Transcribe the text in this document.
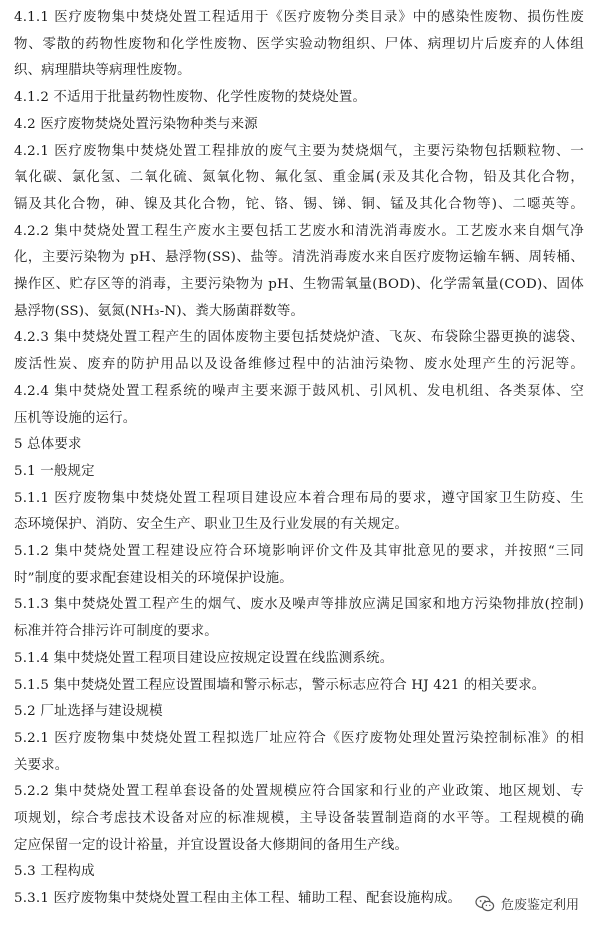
4.1.1 医疗废物集中焚烧处置工程适用于《医疗废物分类目录》中的感染性废物、损伤性废
物、零散的药物性废物和化学性废物、医学实验动物组织、尸体、病理切片后废弃的人体组
织、病理腊块等病理性废物。
4.1.2 不适用于批量药物性废物、化学性废物的焚烧处置。
4.2 医疗废物焚烧处置污染物种类与来源
4.2.1 医疗废物集中焚烧处置工程排放的废气主要为焚烧烟气，主要污染物包括颗粒物、一
氧化碳、氯化氢、二氧化硫、氮氧化物、氟化氢、重金属(汞及其化合物，铅及其化合物，
镉及其化合物，砷、镍及其化合物，铊、铬、锡、锑、铜、锰及其化合物等)、二噁英等。
4.2.2 集中焚烧处置工程生产废水主要包括工艺废水和清洗消毒废水。工艺废水来自烟气净
化，主要污染物为 pH、悬浮物(SS)、盐等。清洗消毒废水来自医疗废物运输车辆、周转桶、
操作区、贮存区等的消毒，主要污染物为 pH、生物需氧量(BOD)、化学需氧量(COD)、固体
悬浮物(SS)、氨氮(NH₃-N)、粪大肠菌群数等。
4.2.3 集中焚烧处置工程产生的固体废物主要包括焚烧炉渣、飞灰、布袋除尘器更换的滤袋、
废活性炭、废弃的防护用品以及设备维修过程中的沾油污染物、废水处理产生的污泥等。
4.2.4 集中焚烧处置工程系统的噪声主要来源于鼓风机、引风机、发电机组、各类泵体、空
压机等设施的运行。
5 总体要求
5.1 一般规定
5.1.1 医疗废物集中焚烧处置工程项目建设应本着合理布局的要求，遵守国家卫生防疫、生
态环境保护、消防、安全生产、职业卫生及行业发展的有关规定。
5.1.2 集中焚烧处置工程建设应符合环境影响评价文件及其审批意见的要求，并按照“三同
时”制度的要求配套建设相关的环境保护设施。
5.1.3 集中焚烧处置工程产生的烟气、废水及噪声等排放应满足国家和地方污染物排放(控制)
标准并符合排污许可制度的要求。
5.1.4 集中焚烧处置工程项目建设应按规定设置在线监测系统。
5.1.5 集中焚烧处置工程应设置围墙和警示标志，警示标志应符合 HJ 421 的相关要求。
5.2 厂址选择与建设规模
5.2.1 医疗废物集中焚烧处置工程拟选厂址应符合《医疗废物处理处置污染控制标准》的相
关要求。
5.2.2 集中焚烧处置工程单套设备的处置规模应符合国家和行业的产业政策、地区规划、专
项规划，综合考虑技术设备对应的标准规模，主导设备装置制造商的水平等。工程规模的确
定应保留一定的设计裕量，并宜设置设备大修期间的备用生产线。
5.3 工程构成
5.3.1 医疗废物集中焚烧处置工程由主体工程、辅助工程、配套设施构成。	危废鉴定利用
